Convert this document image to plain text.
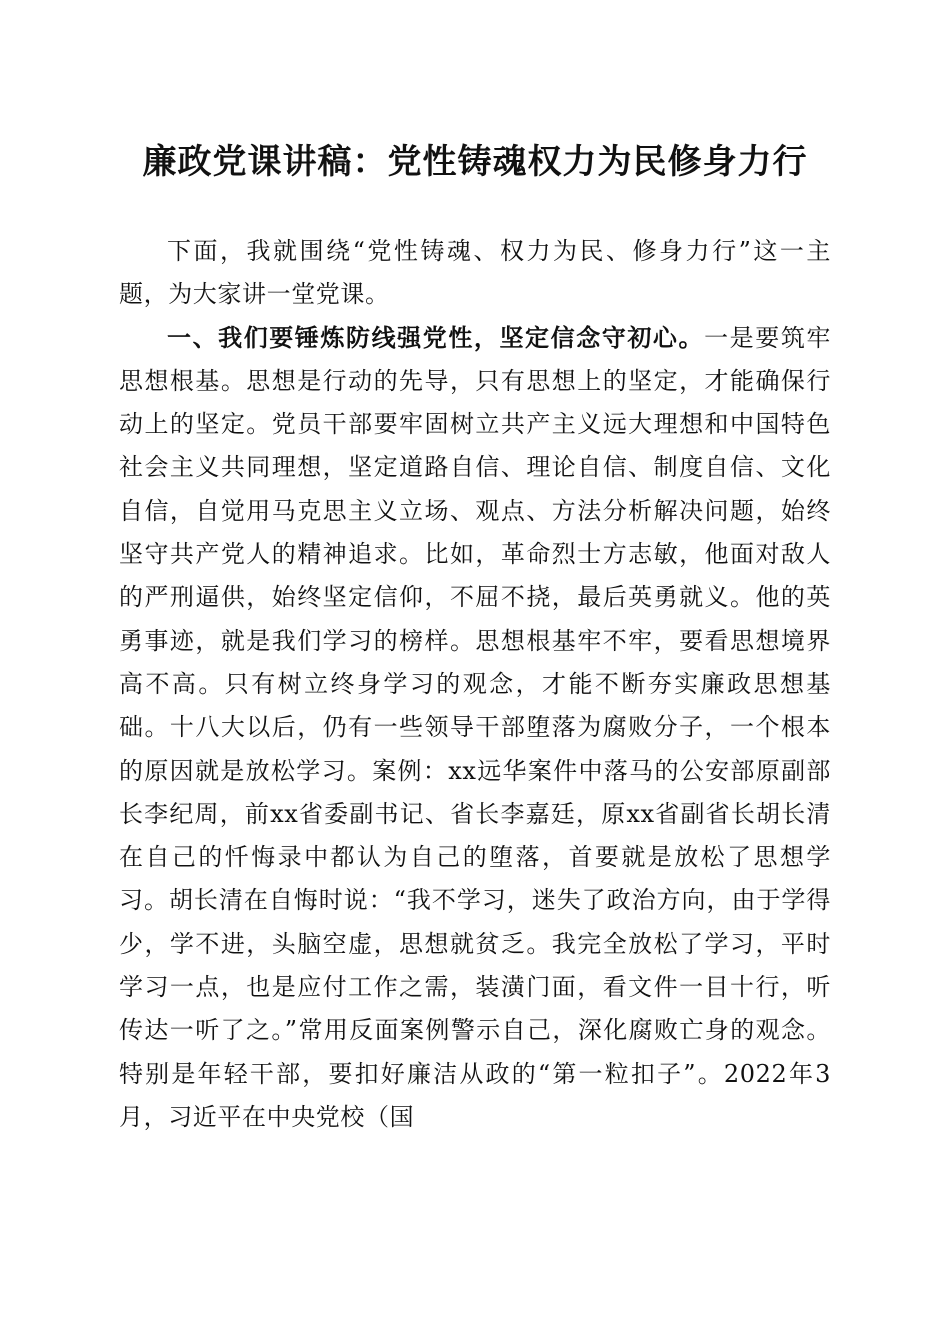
廉政党课讲稿：党性铸魂权力为民修身力行

下面，我就围绕“党性铸魂、权力为民、修身力行”这一主题，为大家讲一堂党课。

一、我们要锤炼防线强党性，坚定信念守初心。一是要筑牢思想根基。思想是行动的先导，只有思想上的坚定，才能确保行动上的坚定。党员干部要牢固树立共产主义远大理想和中国特色社会主义共同理想，坚定道路自信、理论自信、制度自信、文化自信，自觉用马克思主义立场、观点、方法分析解决问题，始终坚守共产党人的精神追求。比如，革命烈士方志敏，他面对敌人的严刑逼供，始终坚定信仰，不屈不挠，最后英勇就义。他的英勇事迹，就是我们学习的榜样。思想根基牢不牢，要看思想境界高不高。只有树立终身学习的观念，才能不断夯实廉政思想基础。十八大以后，仍有一些领导干部堕落为腐败分子，一个根本的原因就是放松学习。案例：xx远华案件中落马的公安部原副部长李纪周，前xx省委副书记、省长李嘉廷，原xx省副省长胡长清在自己的忏悔录中都认为自己的堕落，首要就是放松了思想学习。胡长清在自悔时说：“我不学习，迷失了政治方向，由于学得少，学不进，头脑空虚，思想就贫乏。我完全放松了学习，平时学习一点，也是应付工作之需，装潢门面，看文件一目十行，听传达一听了之。”常用反面案例警示自己，深化腐败亡身的观念。特别是年轻干部，要扣好廉洁从政的“第一粒扣子”。2022年3月，习近平在中央党校（国
